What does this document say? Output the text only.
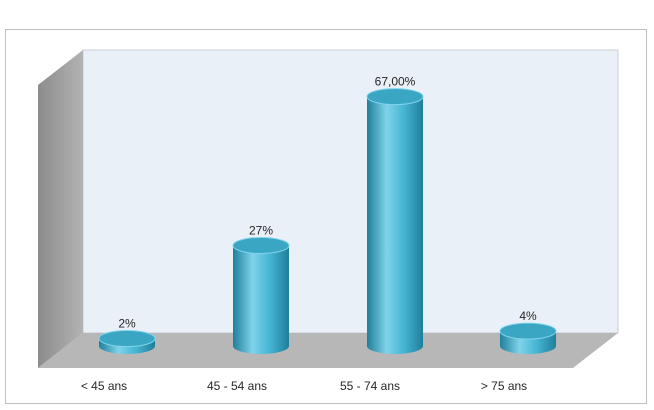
2%
27%
67,00%
4%
< 45 ans	45 - 54 ans	55 - 74 ans	> 75 ans
